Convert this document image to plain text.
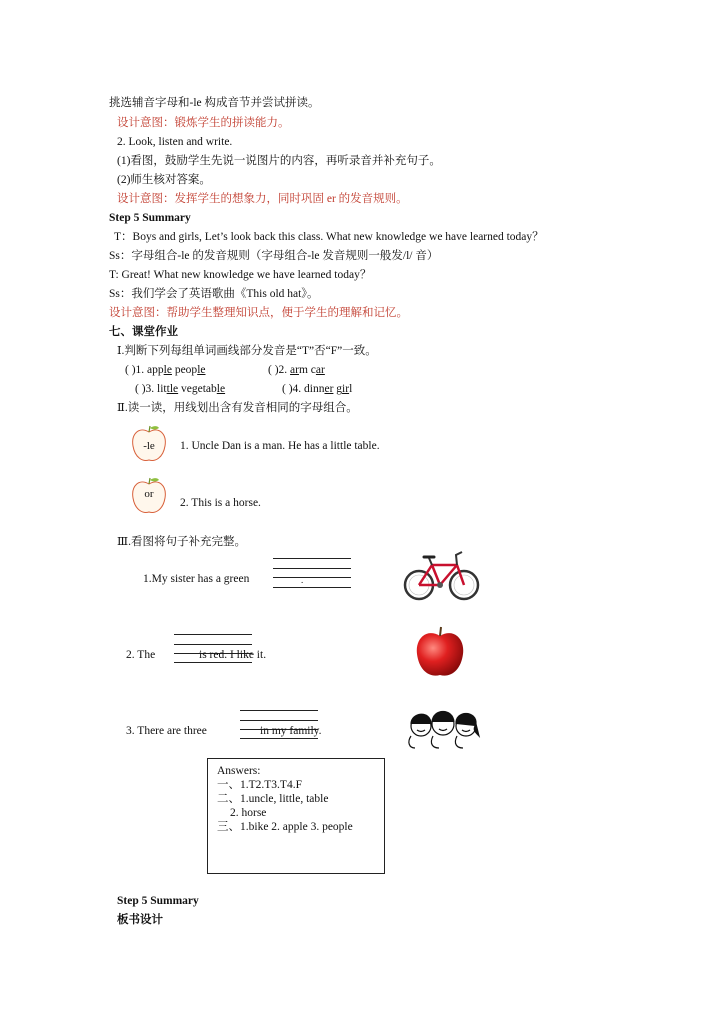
挑选辅音字母和-le 构成音节并尝试拼读。
设计意图：锻炼学生的拼读能力。
2. Look, listen and write.
(1)看图，鼓励学生先说一说图片的内容，再听录音并补充句子。
(2)师生核对答案。
设计意图：发挥学生的想象力，同时巩固 er 的发音规则。
Step 5 Summary
T：Boys and girls, Let’s look back this class. What new knowledge we have learned today？
Ss：字母组合-le 的发音规则（字母组合-le 发音规则一般发/l/ 音）
T: Great! What new knowledge we have learned today？
Ss：我们学会了英语歌曲《This old hat》。
设计意图：帮助学生整理知识点，便于学生的理解和记忆。
七、课堂作业
Ⅰ.判断下列每组单词画线部分发音是“T”否“F”一致。
( )1. apple people	( )2. arm car
( )3. little vegetable	( )4. dinner girl
Ⅱ.读一读，用线划出含有发音相同的字母组合。
-le	1. Uncle Dan is a man. He has a little table.
or
2. This is a horse.
Ⅲ.看图将句子补充完整。
1.My sister has a green	.
2. The	is red. I like it.
3. There are three	in my family.
Answers:
一、1.T2.T3.T4.F
二、1.uncle, little, table
2. horse
三、1.bike 2. apple 3. people
Step 5 Summary
板书设计
